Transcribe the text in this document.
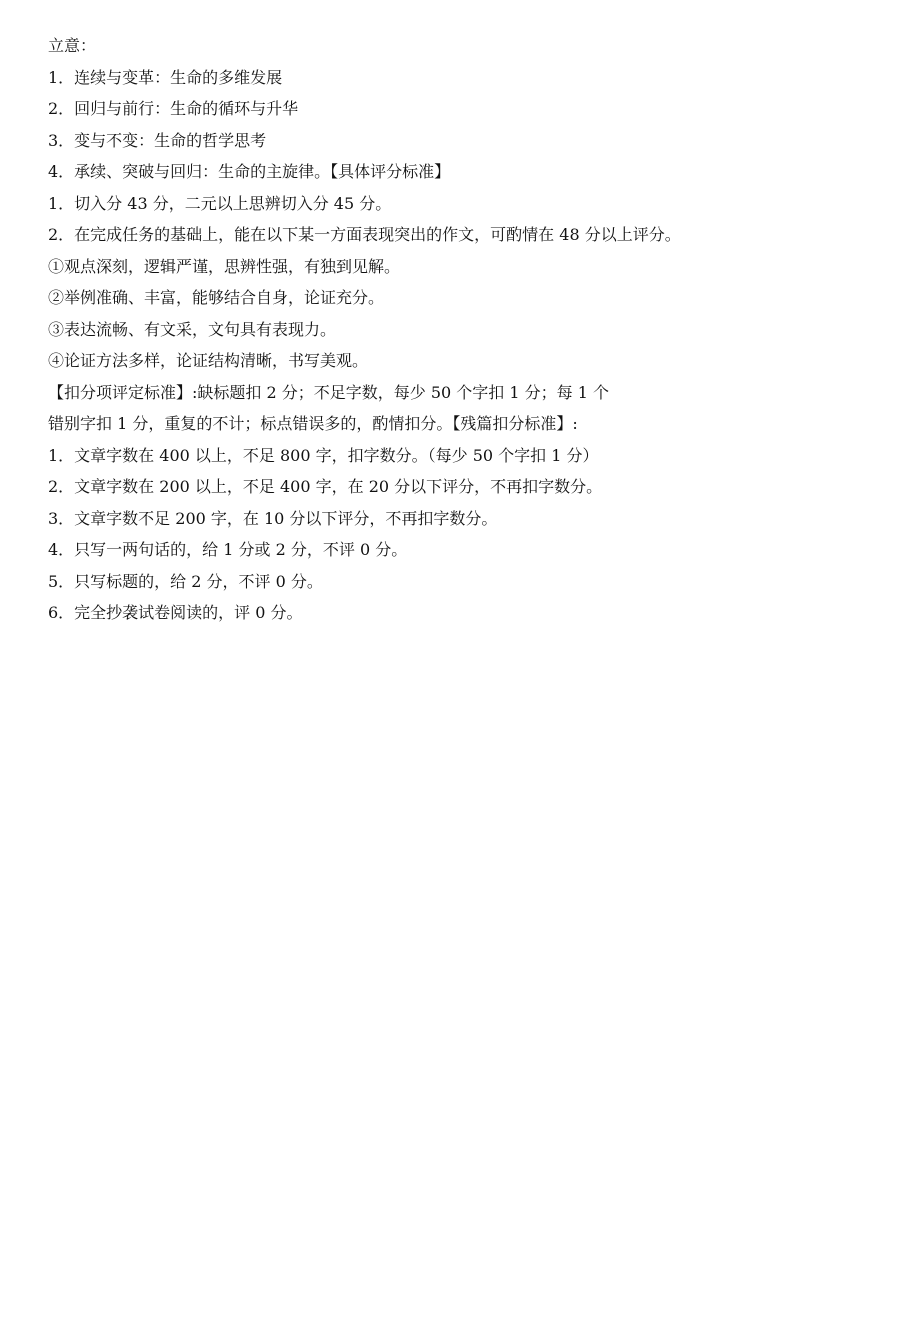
立意：
1．连续与变革：生命的多维发展
2．回归与前行：生命的循环与升华
3．变与不变：生命的哲学思考
4．承续、突破与回归：生命的主旋律。【具体评分标准】
1．切入分 43 分，二元以上思辨切入分 45 分。
2．在完成任务的基础上，能在以下某一方面表现突出的作文，可酌情在 48 分以上评分。
①观点深刻，逻辑严谨，思辨性强，有独到见解。
②举例准确、丰富，能够结合自身，论证充分。
③表达流畅、有文采，文句具有表现力。
④论证方法多样，论证结构清晰，书写美观。
【扣分项评定标准】:缺标题扣 2 分；不足字数，每少 50 个字扣 1 分；每 1 个
错别字扣 1 分，重复的不计；标点错误多的，酌情扣分。【残篇扣分标准】:
1．文章字数在 400 以上，不足 800 字，扣字数分。（每少 50 个字扣 1 分）
2．文章字数在 200 以上，不足 400 字，在 20 分以下评分，不再扣字数分。
3．文章字数不足 200 字，在 10 分以下评分，不再扣字数分。
4．只写一两句话的，给 1 分或 2 分，不评 0 分。
5．只写标题的，给 2 分，不评 0 分。
6．完全抄袭试卷阅读的，评 0 分。
